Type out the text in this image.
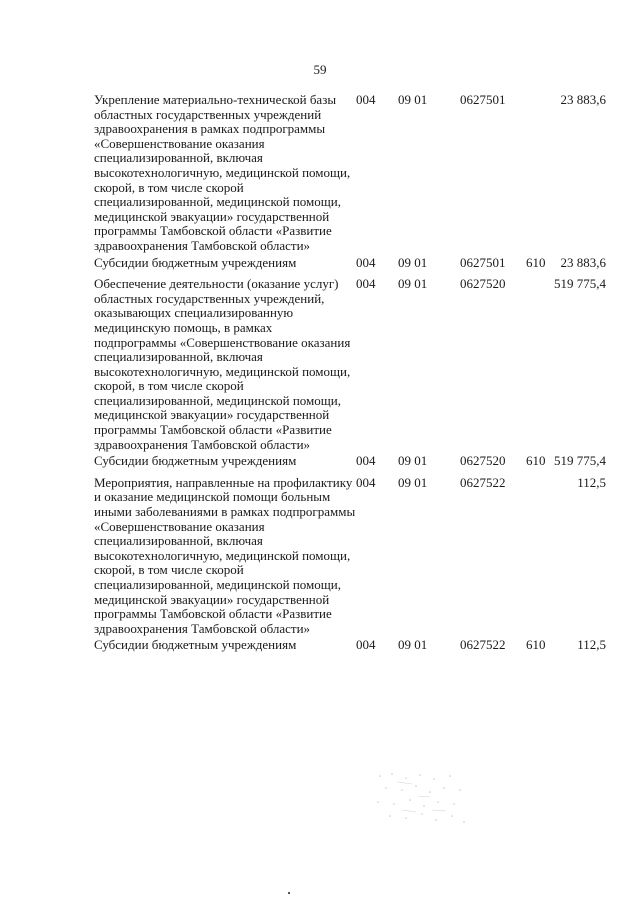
59
Укрепление материально-технической базы областных государственных учреждений здравоохранения в рамках подпрограммы «Совершенствование оказания специализированной, включая высокотехнологичную, медицинской помощи, скорой, в том числе скорой специализированной, медицинской помощи, медицинской эвакуации» государственной программы Тамбовской области «Развитие здравоохранения Тамбовской области»	004	09 01	0627501		23 883,6
Субсидии бюджетным учреждениям	004	09 01	0627501	610	23 883,6
Обеспечение деятельности (оказание услуг) областных государственных учреждений, оказывающих специализированную медицинскую помощь, в рамках подпрограммы «Совершенствование оказания специализированной, включая высокотехнологичную, медицинской помощи, скорой, в том числе скорой специализированной, медицинской помощи, медицинской эвакуации» государственной программы Тамбовской области «Развитие здравоохранения Тамбовской области»	004	09 01	0627520		519 775,4
Субсидии бюджетным учреждениям	004	09 01	0627520	610	519 775,4
Мероприятия, направленные на профилактику и оказание медицинской помощи больным иными заболеваниями в рамках подпрограммы «Совершенствование оказания специализированной, включая высокотехнологичную, медицинской помощи, скорой, в том числе скорой специализированной, медицинской помощи, медицинской эвакуации» государственной программы Тамбовской области «Развитие здравоохранения Тамбовской области»	004	09 01	0627522		112,5
Субсидии бюджетным учреждениям	004	09 01	0627522	610	112,5
